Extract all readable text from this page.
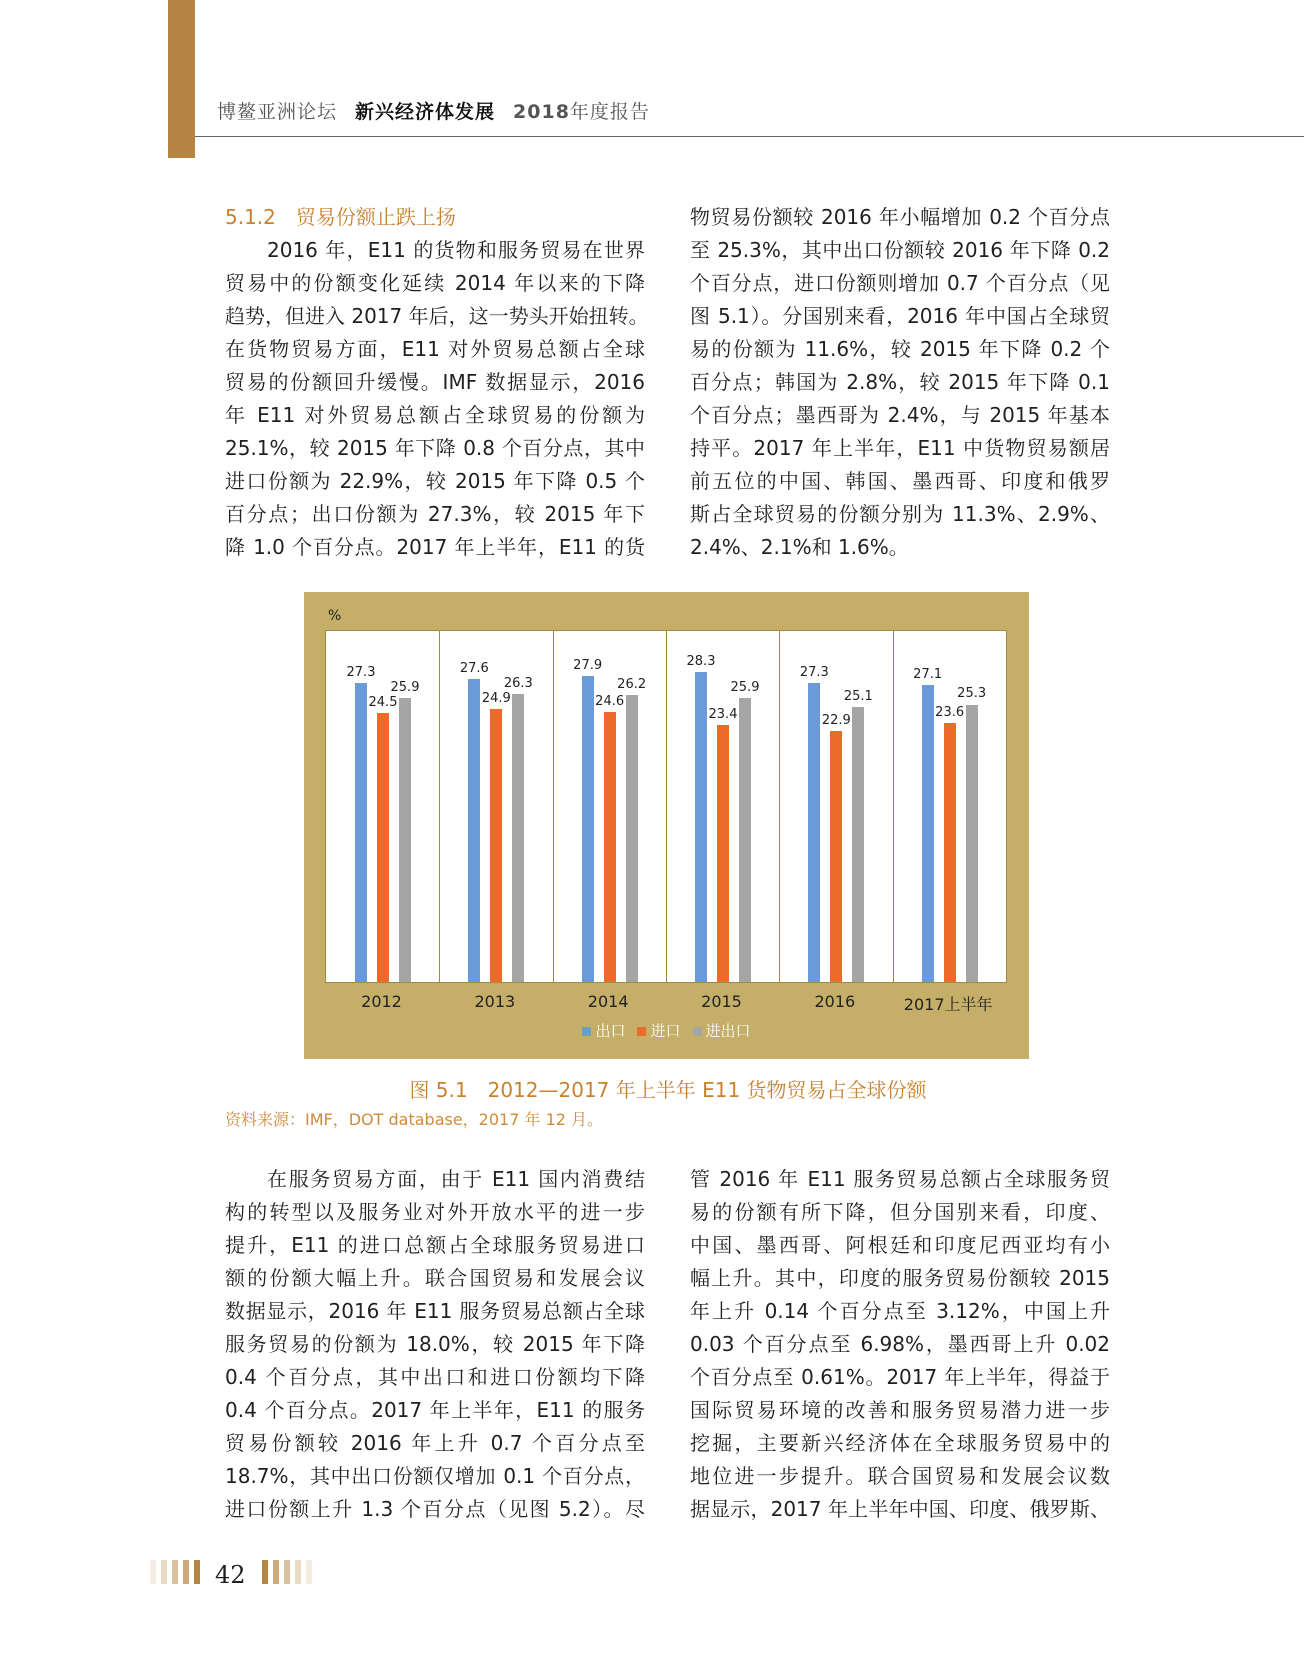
博鳌亚洲论坛 新兴经济体发展 2018年度报告
5.1.2　贸易份额止跌上扬
2016 年，E11 的货物和服务贸易在世界
贸易中的份额变化延续 2014 年以来的下降
趋势，但进入 2017 年后，这一势头开始扭转。
在货物贸易方面，E11 对外贸易总额占全球
贸易的份额回升缓慢。IMF 数据显示，2016
年 E11 对外贸易总额占全球贸易的份额为
25.1%，较 2015 年下降 0.8 个百分点，其中
进口份额为 22.9%，较 2015 年下降 0.5 个
百分点；出口份额为 27.3%，较 2015 年下
降 1.0 个百分点。2017 年上半年，E11 的货
物贸易份额较 2016 年小幅增加 0.2 个百分点
至 25.3%，其中出口份额较 2016 年下降 0.2
个百分点，进口份额则增加 0.7 个百分点（见
图 5.1）。分国别来看，2016 年中国占全球贸
易的份额为 11.6%，较 2015 年下降 0.2 个
百分点；韩国为 2.8%，较 2015 年下降 0.1
个百分点；墨西哥为 2.4%，与 2015 年基本
持平。2017 年上半年，E11 中货物贸易额居
前五位的中国、韩国、墨西哥、印度和俄罗
斯占全球贸易的份额分别为 11.3%、2.9%、
2.4%、2.1%和 1.6%。
%
27.3
24.5
25.9
27.6
24.9
26.3
27.9
24.6
26.2
28.3
23.4
25.9
27.3
22.9
25.1
27.1
23.6
25.3
2012	2013	2014	2015	2016	2017上半年
出口 进口 进出口
图 5.1　2012—2017 年上半年 E11 货物贸易占全球份额
资料来源：IMF，DOT database，2017 年 12 月。
在服务贸易方面，由于 E11 国内消费结
构的转型以及服务业对外开放水平的进一步
提升，E11 的进口总额占全球服务贸易进口
额的份额大幅上升。联合国贸易和发展会议
数据显示，2016 年 E11 服务贸易总额占全球
服务贸易的份额为 18.0%，较 2015 年下降
0.4 个百分点，其中出口和进口份额均下降
0.4 个百分点。2017 年上半年，E11 的服务
贸易份额较 2016 年上升 0.7 个百分点至
18.7%，其中出口份额仅增加 0.1 个百分点，
进口份额上升 1.3 个百分点（见图 5.2）。尽
管 2016 年 E11 服务贸易总额占全球服务贸
易的份额有所下降，但分国别来看，印度、
中国、墨西哥、阿根廷和印度尼西亚均有小
幅上升。其中，印度的服务贸易份额较 2015
年上升 0.14 个百分点至 3.12%，中国上升
0.03 个百分点至 6.98%，墨西哥上升 0.02
个百分点至 0.61%。2017 年上半年，得益于
国际贸易环境的改善和服务贸易潜力进一步
挖掘，主要新兴经济体在全球服务贸易中的
地位进一步提升。联合国贸易和发展会议数
据显示，2017 年上半年中国、印度、俄罗斯、
42
